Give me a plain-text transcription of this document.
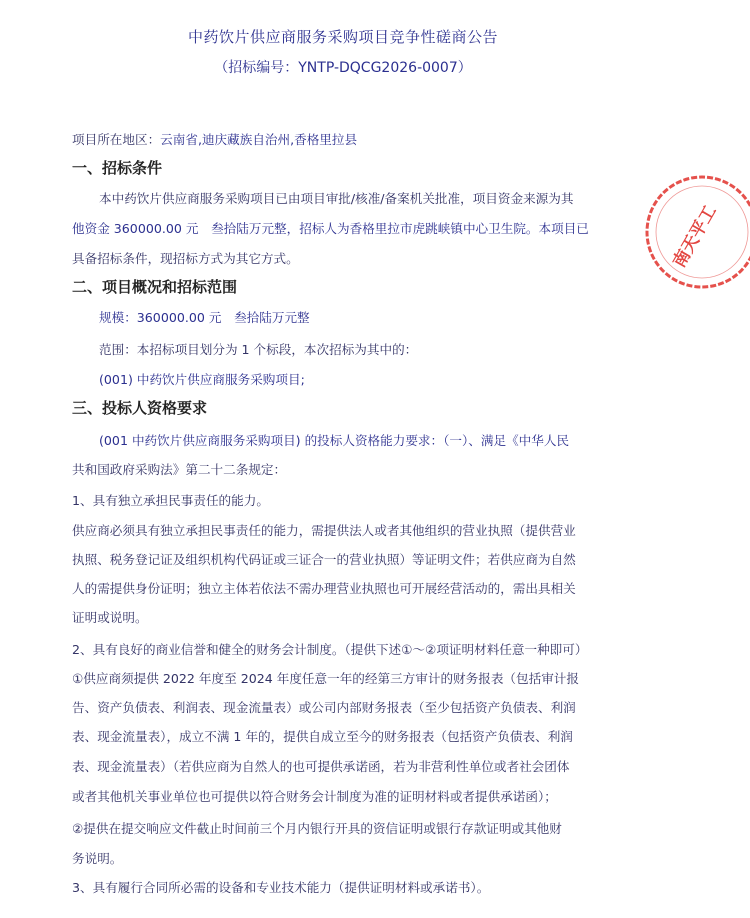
中药饮片供应商服务采购项目竞争性磋商公告
（招标编号：YNTP-DQCG2026-0007）
项目所在地区：云南省,迪庆藏族自治州,香格里拉县
一、招标条件
本中药饮片供应商服务采购项目已由项目审批/核准/备案机关批准，项目资金来源为其
他资金 360000.00 元　叁拾陆万元整，招标人为香格里拉市虎跳峡镇中心卫生院。本项目已
具备招标条件，现招标方式为其它方式。
二、项目概况和招标范围
规模：360000.00 元　叁拾陆万元整
范围：本招标项目划分为 1 个标段，本次招标为其中的：
(001) 中药饮片供应商服务采购项目;
三、投标人资格要求
(001 中药饮片供应商服务采购项目) 的投标人资格能力要求：（一）、满足《中华人民
共和国政府采购法》第二十二条规定：
1、具有独立承担民事责任的能力。
供应商必须具有独立承担民事责任的能力，需提供法人或者其他组织的营业执照（提供营业
执照、税务登记证及组织机构代码证或三证合一的营业执照）等证明文件；若供应商为自然
人的需提供身份证明；独立主体若依法不需办理营业执照也可开展经营活动的，需出具相关
证明或说明。
2、具有良好的商业信誉和健全的财务会计制度。（提供下述①～②项证明材料任意一种即可）
①供应商须提供 2022 年度至 2024 年度任意一年的经第三方审计的财务报表（包括审计报
告、资产负债表、利润表、现金流量表）或公司内部财务报表（至少包括资产负债表、利润
表、现金流量表），成立不满 1 年的，提供自成立至今的财务报表（包括资产负债表、利润
表、现金流量表）（若供应商为自然人的也可提供承诺函，若为非营利性单位或者社会团体
或者其他机关事业单位也可提供以符合财务会计制度为准的证明材料或者提供承诺函）；
②提供在提交响应文件截止时间前三个月内银行开具的资信证明或银行存款证明或其他财
务说明。
3、具有履行合同所必需的设备和专业技术能力（提供证明材料或承诺书）。
南天平工
